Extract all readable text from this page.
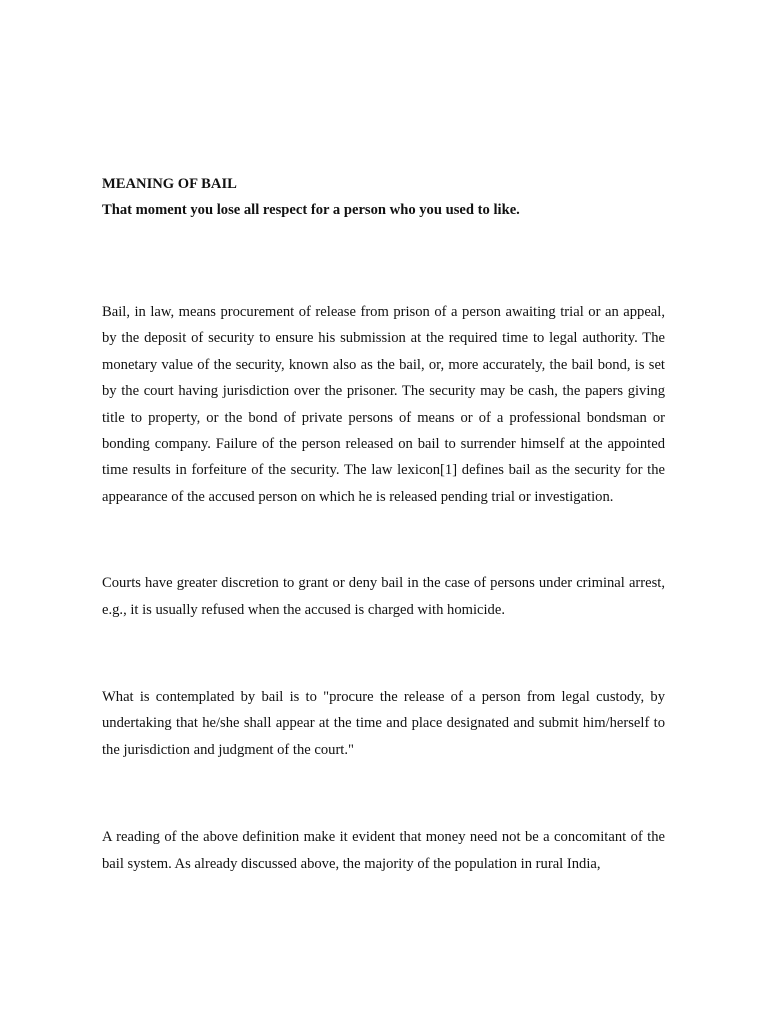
MEANING OF BAIL

That moment you lose all respect for a person who you used to like.

Bail, in law, means procurement of release from prison of a person awaiting trial or an appeal, by the deposit of security to ensure his submission at the required time to legal authority. The monetary value of the security, known also as the bail, or, more accurately, the bail bond, is set by the court having jurisdiction over the prisoner. The security may be cash, the papers giving title to property, or the bond of private persons of means or of a professional bondsman or bonding company. Failure of the person released on bail to surrender himself at the appointed time results in forfeiture of the security. The law lexicon[1] defines bail as the security for the appearance of the accused person on which he is released pending trial or investigation.

Courts have greater discretion to grant or deny bail in the case of persons under criminal arrest, e.g., it is usually refused when the accused is charged with homicide.

What is contemplated by bail is to "procure the release of a person from legal custody, by undertaking that he/she shall appear at the time and place designated and submit him/herself to the jurisdiction and judgment of the court."

A reading of the above definition make it evident that money need not be a concomitant of the bail system. As already discussed above, the majority of the population in rural India,
